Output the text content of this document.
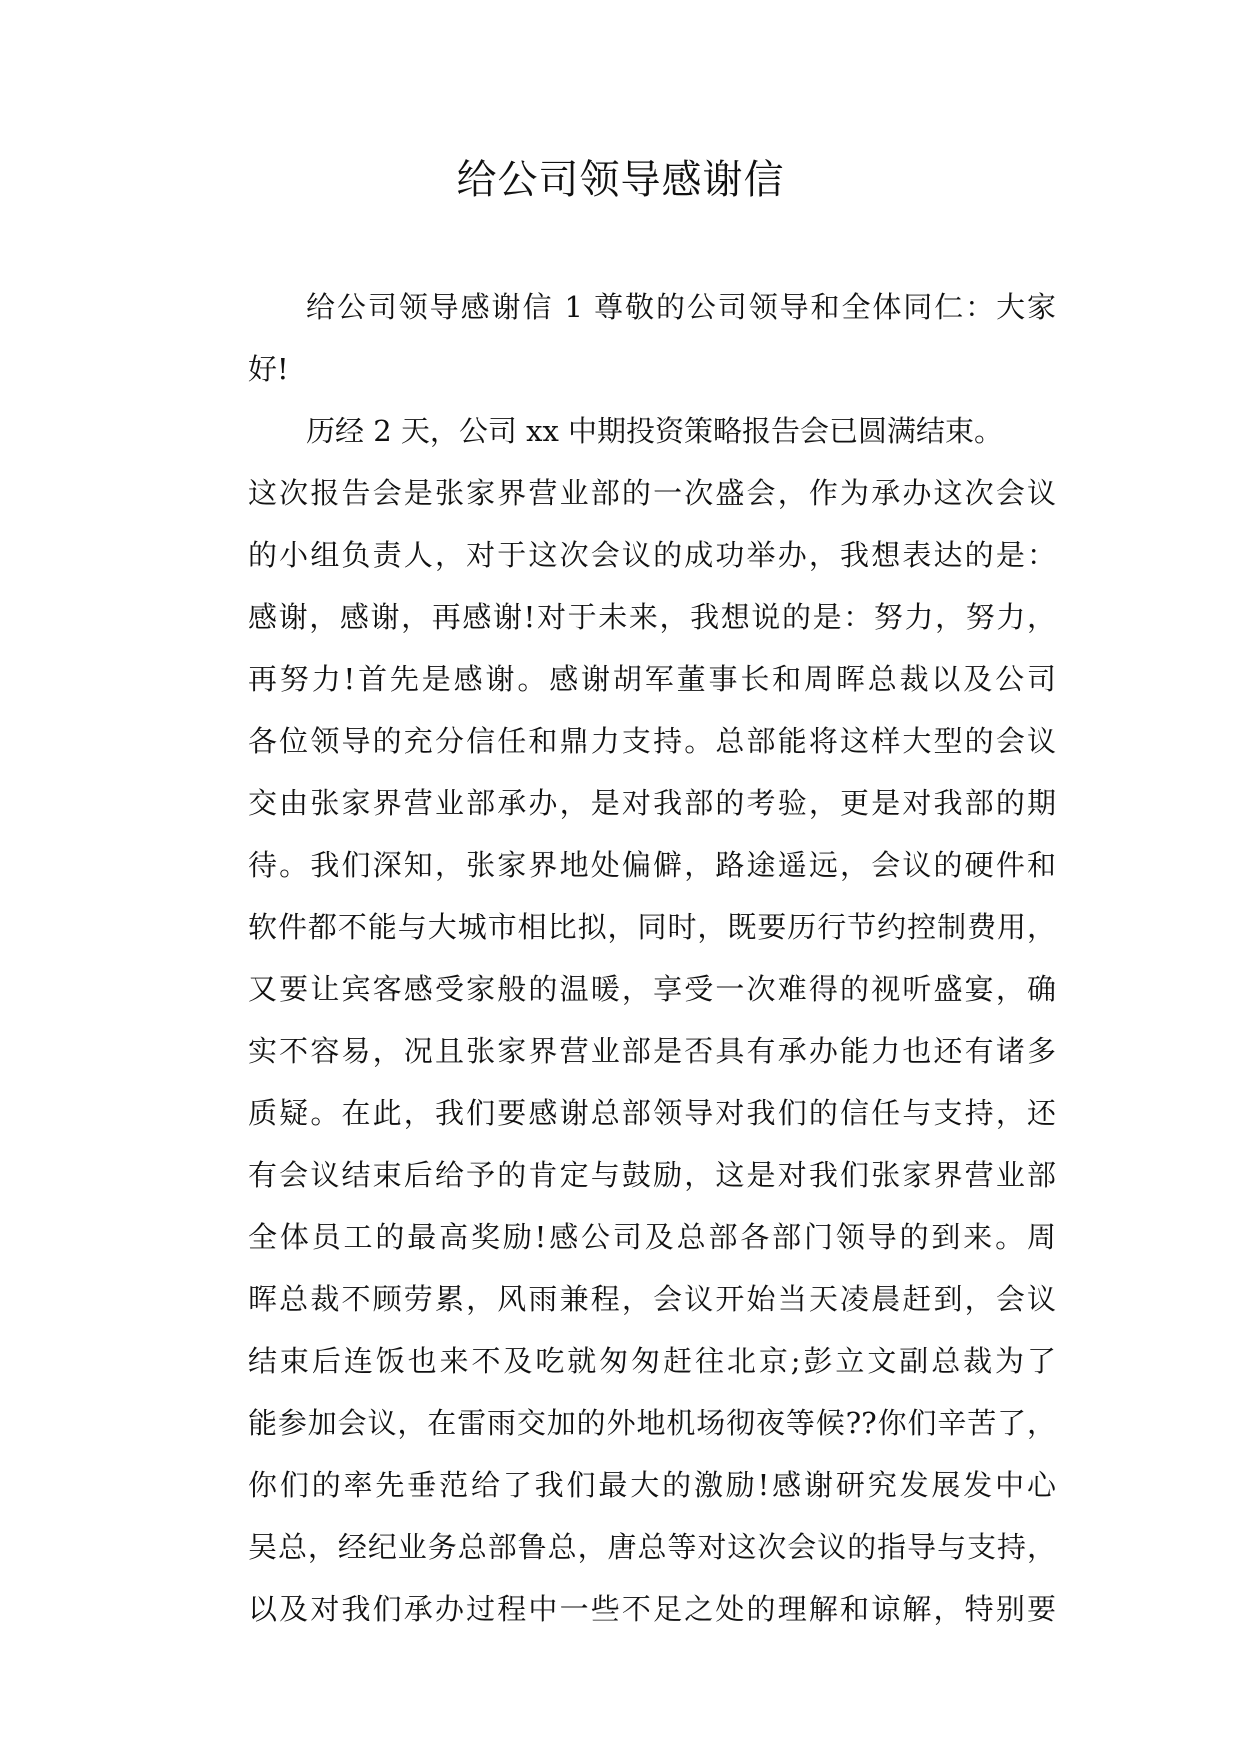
给公司领导感谢信
给公司领导感谢信 1 尊敬的公司领导和全体同仁：大家
好!
历经 2 天，公司 xx 中期投资策略报告会已圆满结束。
这次报告会是张家界营业部的一次盛会，作为承办这次会议
的小组负责人，对于这次会议的成功举办，我想表达的是：
感谢，感谢，再感谢!对于未来，我想说的是：努力，努力，
再努力!首先是感谢。感谢胡军董事长和周晖总裁以及公司
各位领导的充分信任和鼎力支持。总部能将这样大型的会议
交由张家界营业部承办，是对我部的考验，更是对我部的期
待。我们深知，张家界地处偏僻，路途遥远，会议的硬件和
软件都不能与大城市相比拟，同时，既要历行节约控制费用，
又要让宾客感受家般的温暖，享受一次难得的视听盛宴，确
实不容易，况且张家界营业部是否具有承办能力也还有诸多
质疑。在此，我们要感谢总部领导对我们的信任与支持，还
有会议结束后给予的肯定与鼓励，这是对我们张家界营业部
全体员工的最高奖励!感公司及总部各部门领导的到来。周
晖总裁不顾劳累，风雨兼程，会议开始当天凌晨赶到，会议
结束后连饭也来不及吃就匆匆赶往北京;彭立文副总裁为了
能参加会议，在雷雨交加的外地机场彻夜等候??你们辛苦了，
你们的率先垂范给了我们最大的激励!感谢研究发展发中心
吴总，经纪业务总部鲁总，唐总等对这次会议的指导与支持，
以及对我们承办过程中一些不足之处的理解和谅解，特别要
